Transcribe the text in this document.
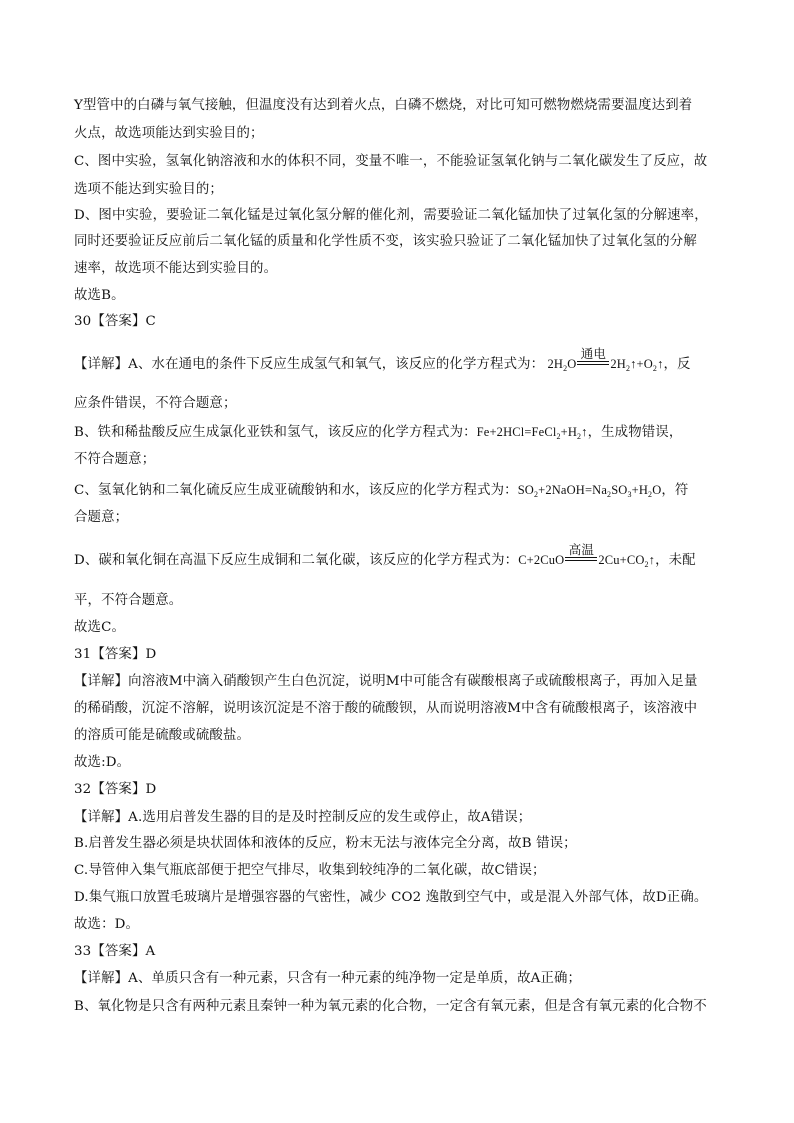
Y型管中的白磷与氧气接触，但温度没有达到着火点，白磷不燃烧，对比可知可燃物燃烧需要温度达到着
火点，故选项能达到实验目的；
C、图中实验，氢氧化钠溶液和水的体积不同，变量不唯一，不能验证氢氧化钠与二氧化碳发生了反应，故
选项不能达到实验目的；
D、图中实验，要验证二氧化锰是过氧化氢分解的催化剂，需要验证二氧化锰加快了过氧化氢的分解速率，
同时还要验证反应前后二氧化锰的质量和化学性质不变，该实验只验证了二氧化锰加快了过氧化氢的分解
速率，故选项不能达到实验目的。
故选B。
30【答案】C
【详解】A、水在通电的条件下反应生成氢气和氧气，该反应的化学方程式为： $2H_2O$
通电
$2H_2↑+O_2↑$，反
应条件错误，不符合题意；
B、铁和稀盐酸反应生成氯化亚铁和氢气，该反应的化学方程式为：$Fe+2HCl=FeCl_2+H_2↑$，生成物错误，
不符合题意；
C、氢氧化钠和二氧化硫反应生成亚硫酸钠和水，该反应的化学方程式为：$SO_2+2NaOH=Na_2SO_3+H_2O$，符
合题意；
D、碳和氧化铜在高温下反应生成铜和二氧化碳，该反应的化学方程式为：C+2CuO
高温
$2Cu+CO_2↑$，未配
平，不符合题意。
故选C。
31【答案】D
【详解】向溶液M中滴入硝酸钡产生白色沉淀，说明M中可能含有碳酸根离子或硫酸根离子，再加入足量
的稀硝酸，沉淀不溶解，说明该沉淀是不溶于酸的硫酸钡，从而说明溶液M中含有硫酸根离子，该溶液中
的溶质可能是硫酸或硫酸盐。
故选:D。
32【答案】D
【详解】A.选用启普发生器的目的是及时控制反应的发生或停止，故A错误；
B.启普发生器必须是块状固体和液体的反应，粉末无法与液体完全分离，故B 错误；
C.导管伸入集气瓶底部便于把空气排尽，收集到较纯净的二氧化碳，故C错误；
D.集气瓶口放置毛玻璃片是增强容器的气密性，减少 CO2 逸散到空气中，或是混入外部气体，故D正确。
故选：D。
33【答案】A
【详解】A、单质只含有一种元素，只含有一种元素的纯净物一定是单质，故A正确；
B、氧化物是只含有两种元素且秦钟一种为氧元素的化合物，一定含有氧元素，但是含有氧元素的化合物不
